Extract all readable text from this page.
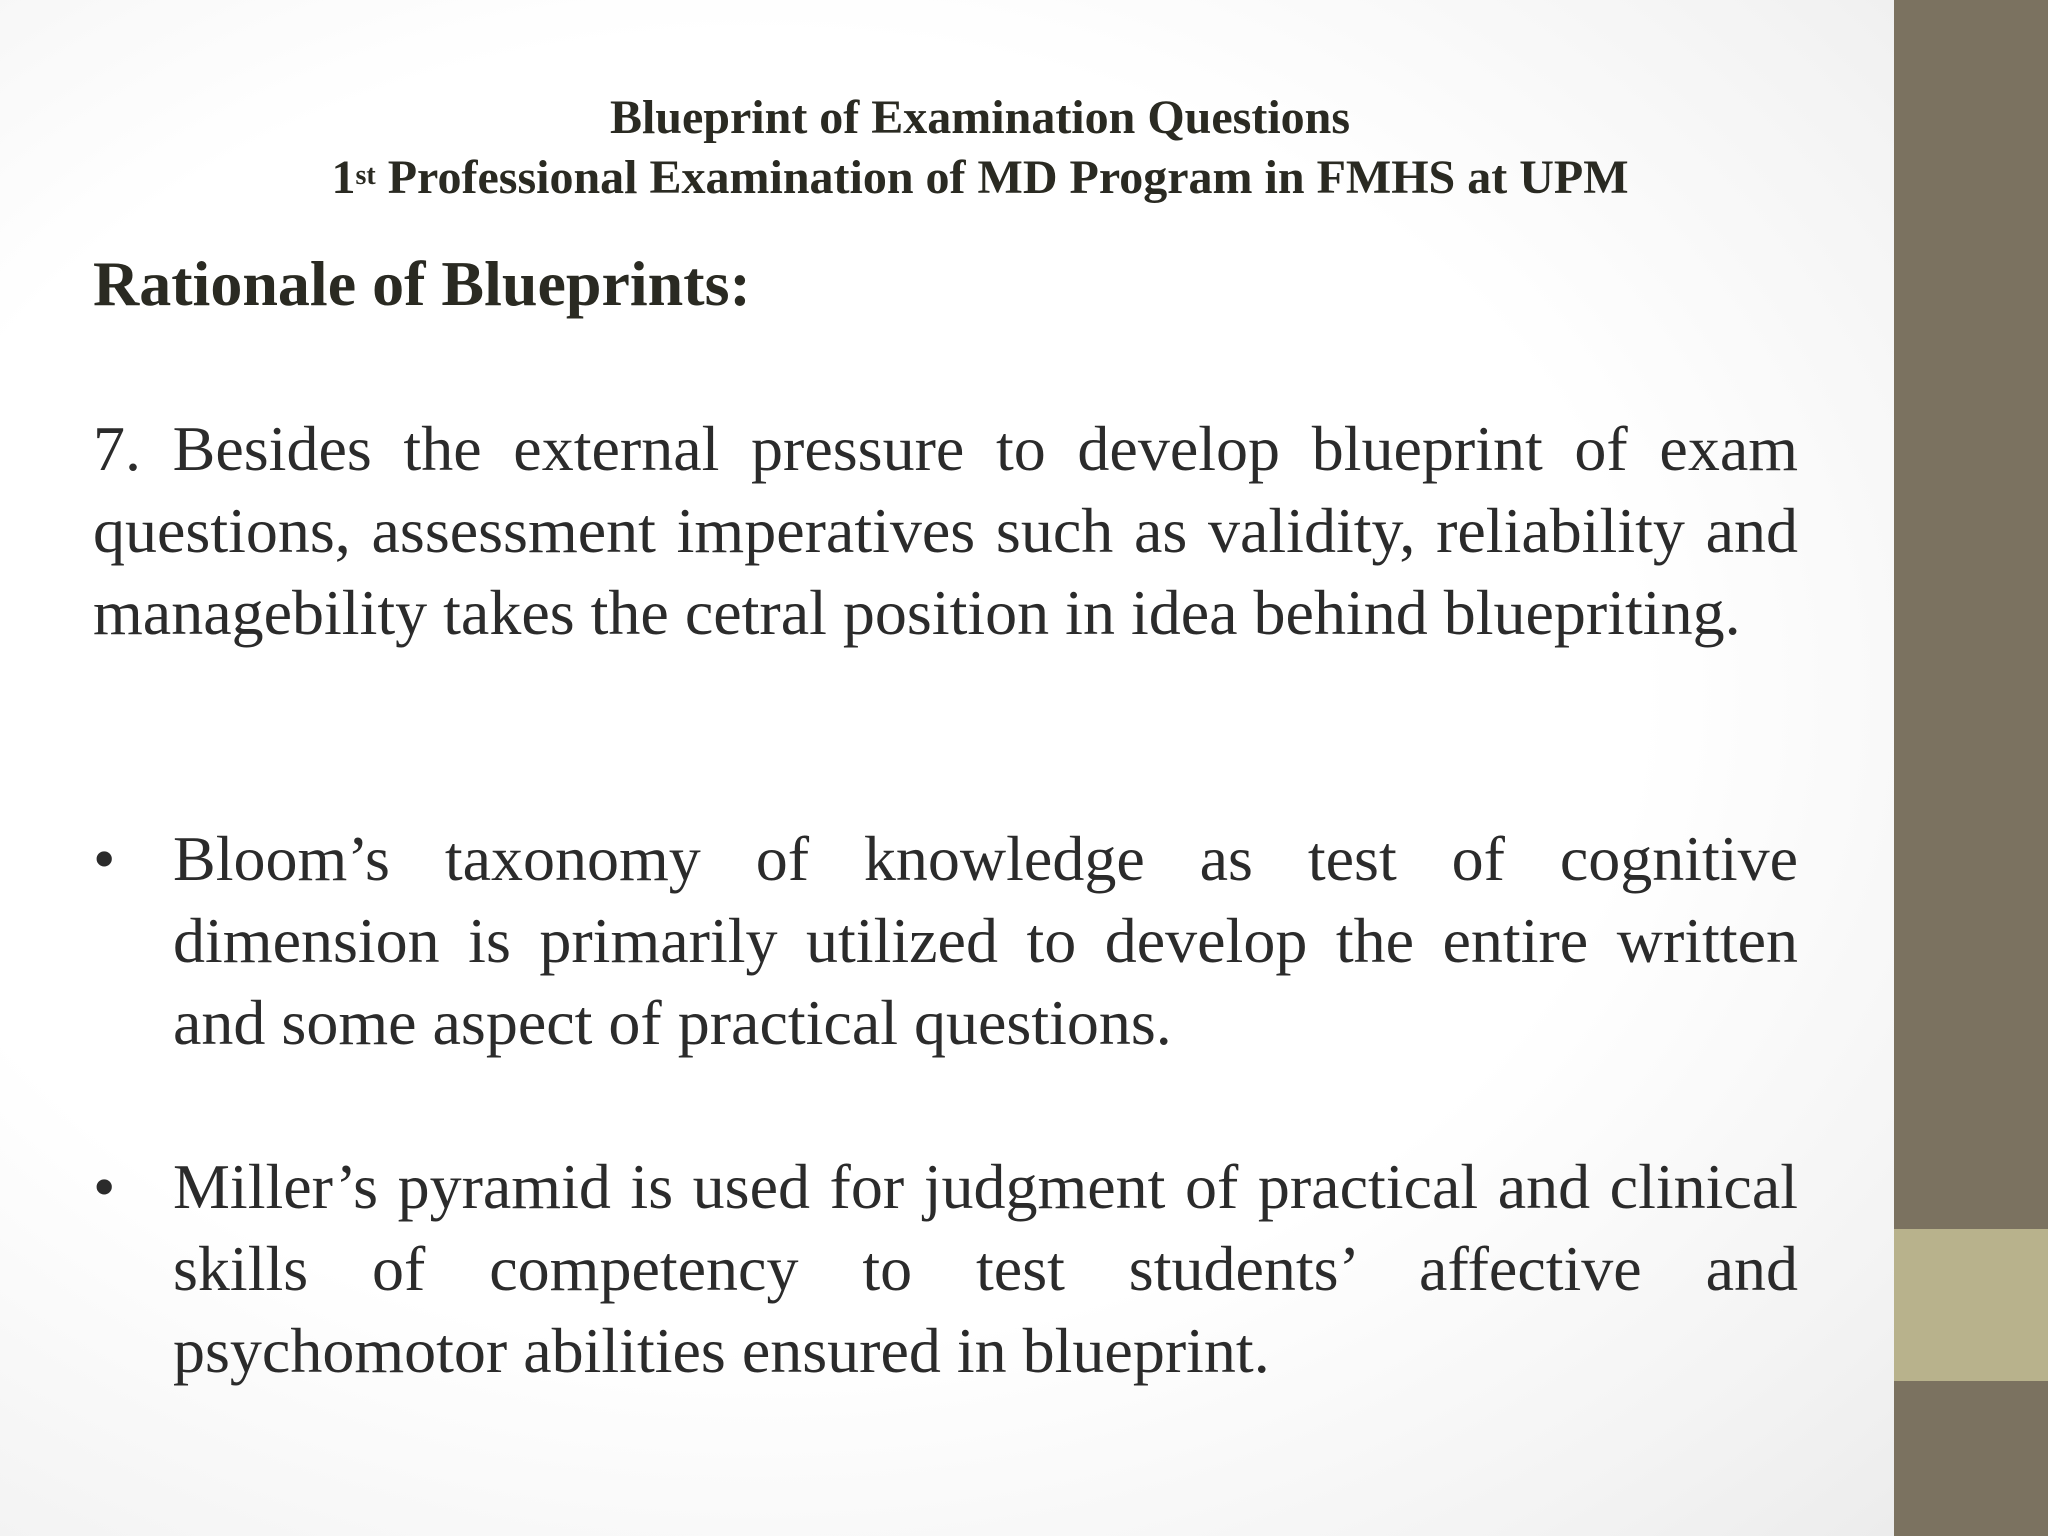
Blueprint of Examination Questions
1st Professional Examination of MD Program in FMHS at UPM
Rationale of Blueprints:
7. Besides the external pressure to develop blueprint of exam questions, assessment imperatives such as validity, reliability and managebility takes the cetral position in idea behind bluepriting.
• Bloom’s taxonomy of knowledge as test of cognitive dimension is primarily utilized to develop the entire written and some aspect of practical questions.
• Miller’s pyramid is used for judgment of practical and clinical skills of competency to test students’ affective and psychomotor abilities ensured in blueprint.
